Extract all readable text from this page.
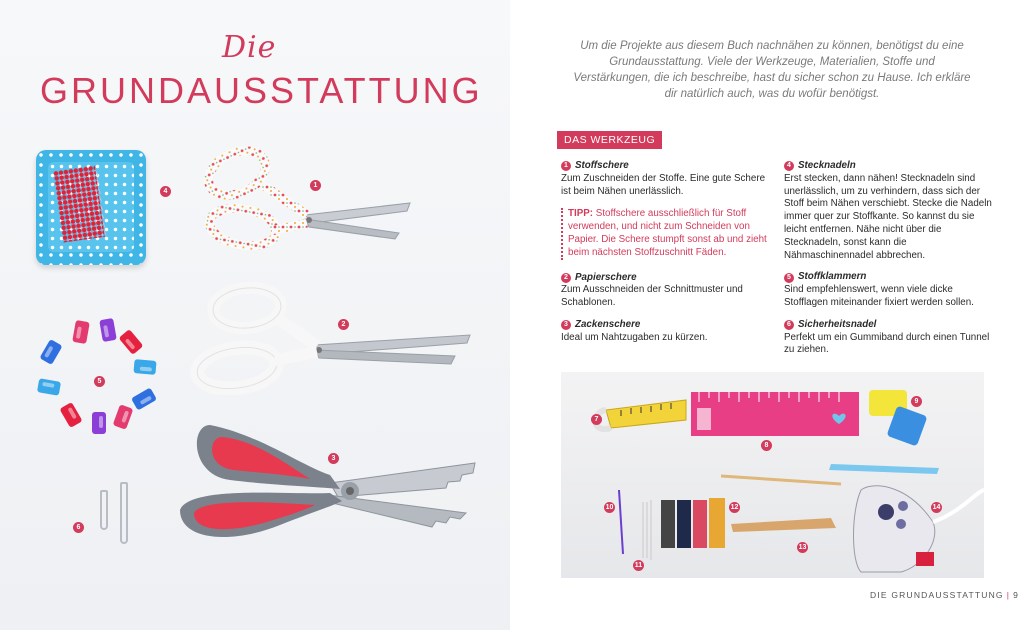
Die
GRUNDAUSSTATTUNG
4
1
2
3
5
6

Um die Projekte aus diesem Buch nachnähen zu können, benötigst du eine Grundausstattung. Viele der Werkzeuge, Materialien, Stoffe und Verstärkungen, die ich beschreibe, hast du sicher schon zu Hause. Ich erkläre dir natürlich auch, was du wofür benötigst.

DAS WERKZEUG
1 Stoffschere
Zum Zuschneiden der Stoffe. Eine gute Schere ist beim Nähen unerlässlich.
TIPP: Stoffschere ausschließlich für Stoff verwenden, und nicht zum Schneiden von Papier. Die Schere stumpft sonst ab und zieht beim nächsten Stoffzuschnitt Fäden.
2 Papierschere
Zum Ausschneiden der Schnittmuster und Schablonen.
3 Zackenschere
Ideal um Nahtzugaben zu kürzen.
4 Stecknadeln
Erst stecken, dann nähen! Stecknadeln sind unerlässlich, um zu verhindern, dass sich der Stoff beim Nähen verschiebt. Stecke die Nadeln immer quer zur Stoffkante. So kannst du sie leicht entfernen. Nähe nicht über die Stecknadeln, sonst kann die Nähmaschinennadel abbrechen.
5 Stoffklammern
Sind empfehlenswert, wenn viele dicke Stofflagen miteinander fixiert werden sollen.
6 Sicherheitsnadel
Perfekt um ein Gummiband durch einen Tunnel zu ziehen.
7
8
9
10
11
12
13
14
DIE GRUNDAUSSTATTUNG | 9
